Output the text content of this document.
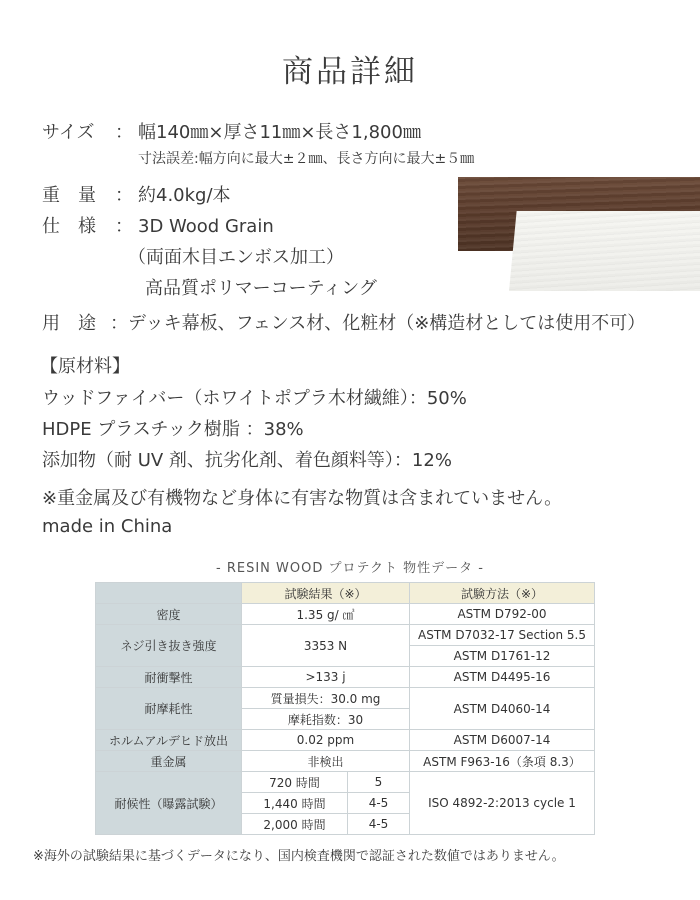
商品詳細
サイズ ： 幅140㎜×厚さ11㎜×長さ1,800㎜
寸法誤差:幅方向に最大±２㎜、長さ方向に最大±５㎜
重　量 ： 約4.0kg/本
仕　様 ： 3D Wood Grain
（両面木目エンボス加工）
高品質ポリマーコーティング
用　途 ：デッキ幕板、フェンス材、化粧材（※構造材としては使用不可）
【原材料】
ウッドファイバー（ホワイトポプラ木材繊維）：50%
HDPE プラスチック樹脂 ：38%
添加物（耐 UV 剤、抗劣化剤、着色顔料等）：12%
※重金属及び有機物など身体に有害な物質は含まれていません。
made in China
- RESIN WOOD プロテクト 物性データ -
	試験結果（※）		試験方法（※）
密度	1.35 g/ ㎤		ASTM D792-00
ネジ引き抜き強度	3353 N		ASTM D7032-17 Section 5.5
			ASTM D1761-12
耐衝撃性	>133 j		ASTM D4495-16
耐摩耗性	質量損失：30.0 mg		ASTM D4060-14
	摩耗指数：30		
ホルムアルデヒド放出	0.02 ppm		ASTM D6007-14
重金属	非検出		ASTM F963-16（条項 8.3）
耐候性（曝露試験）	720 時間	5	ISO 4892-2:2013 cycle 1
	1,440 時間	4-5	
	2,000 時間	4-5	
※海外の試験結果に基づくデータになり、国内検査機関で認証された数値ではありません。
